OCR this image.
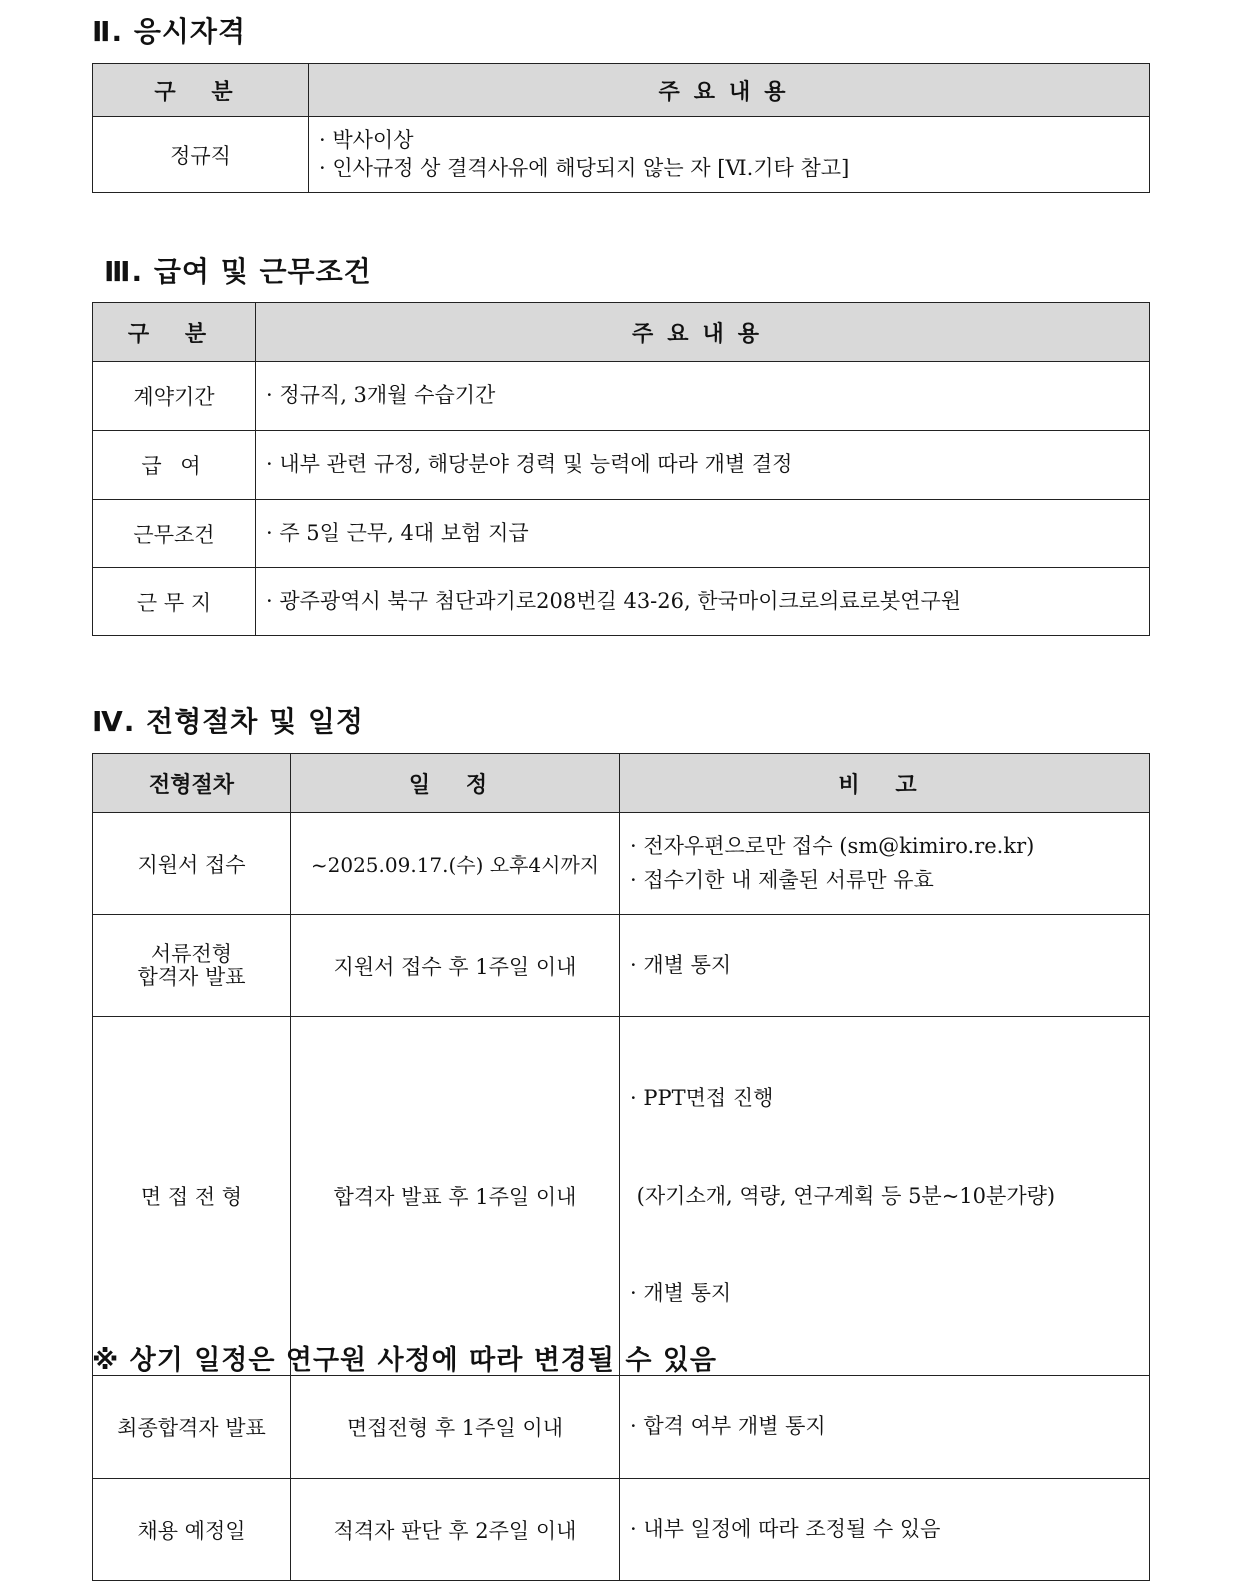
Ⅱ. 응시자격
구 분	주요내용
정규직	· 박사이상
· 인사규정 상 결격사유에 해당되지 않는 자 [Ⅵ.기타 참고]
Ⅲ. 급여 및 근무조건
구 분	주요내용
계약기간	· 정규직, 3개월 수습기간
급 여	· 내부 관련 규정, 해당분야 경력 및 능력에 따라 개별 결정
근무조건	· 주 5일 근무, 4대 보험 지급
근 무 지	· 광주광역시 북구 첨단과기로208번길 43-26, 한국마이크로의료로봇연구원
Ⅳ. 전형절차 및 일정
전형절차	일 정	비 고
지원서 접수	~2025.09.17.(수) 오후4시까지	· 전자우편으로만 접수 (sm@kimiro.re.kr)
· 접수기한 내 제출된 서류만 유효

서류전형
합격자 발표	지원서 접수 후 1주일 이내	· 개별 통지

면 접 전 형	합격자 발표 후 1주일 이내	· PPT면접 진행

(자기소개, 역량, 연구계획 등 5분~10분가량)

· 개별 통지

최종합격자 발표	면접전형 후 1주일 이내	· 합격 여부 개별 통지

채용 예정일	적격자 판단 후 2주일 이내	· 내부 일정에 따라 조정될 수 있음

※ 상기 일정은 연구원 사정에 따라 변경될 수 있음
